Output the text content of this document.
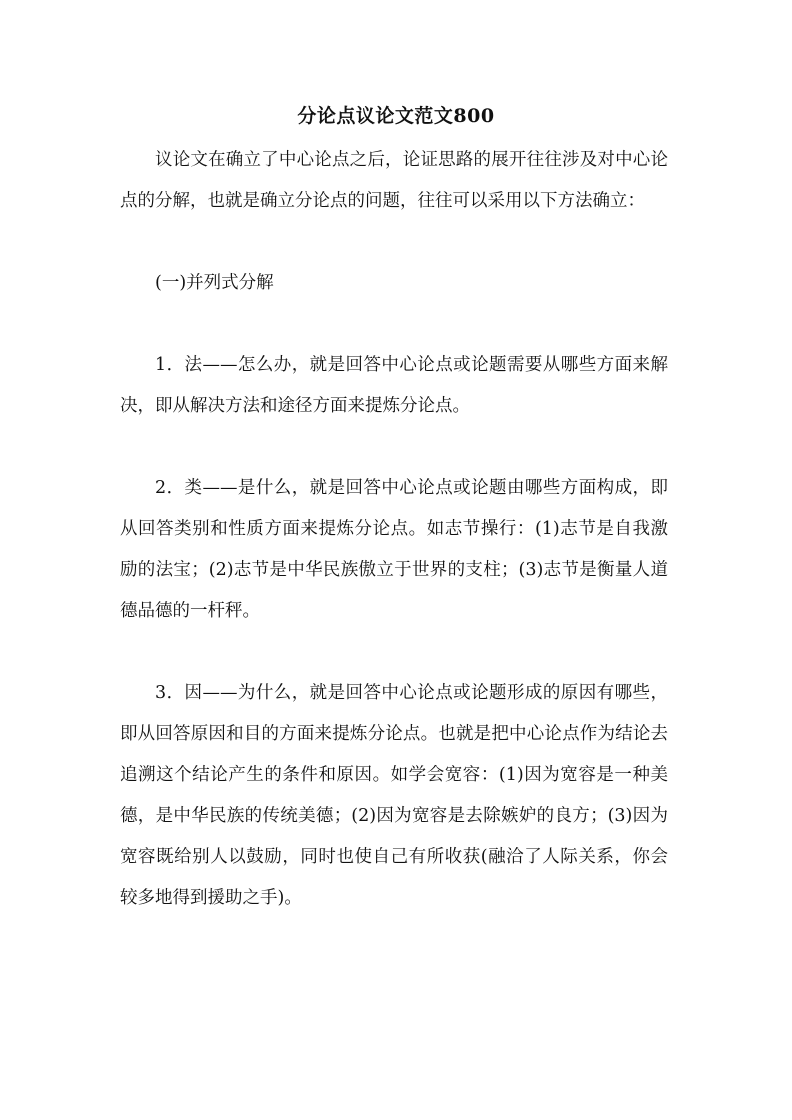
分论点议论文范文800

议论文在确立了中心论点之后，论证思路的展开往往涉及对中心论点的分解，也就是确立分论点的问题，往往可以采用以下方法确立：

(一)并列式分解

1．法——怎么办，就是回答中心论点或论题需要从哪些方面来解决，即从解决方法和途径方面来提炼分论点。

2．类——是什么，就是回答中心论点或论题由哪些方面构成，即从回答类别和性质方面来提炼分论点。如志节操行：(1)志节是自我激励的法宝；(2)志节是中华民族傲立于世界的支柱；(3)志节是衡量人道德品德的一杆秤。

3．因——为什么，就是回答中心论点或论题形成的原因有哪些，即从回答原因和目的方面来提炼分论点。也就是把中心论点作为结论去追溯这个结论产生的条件和原因。如学会宽容：(1)因为宽容是一种美德，是中华民族的传统美德；(2)因为宽容是去除嫉妒的良方；(3)因为宽容既给别人以鼓励，同时也使自己有所收获(融洽了人际关系，你会较多地得到援助之手)。
